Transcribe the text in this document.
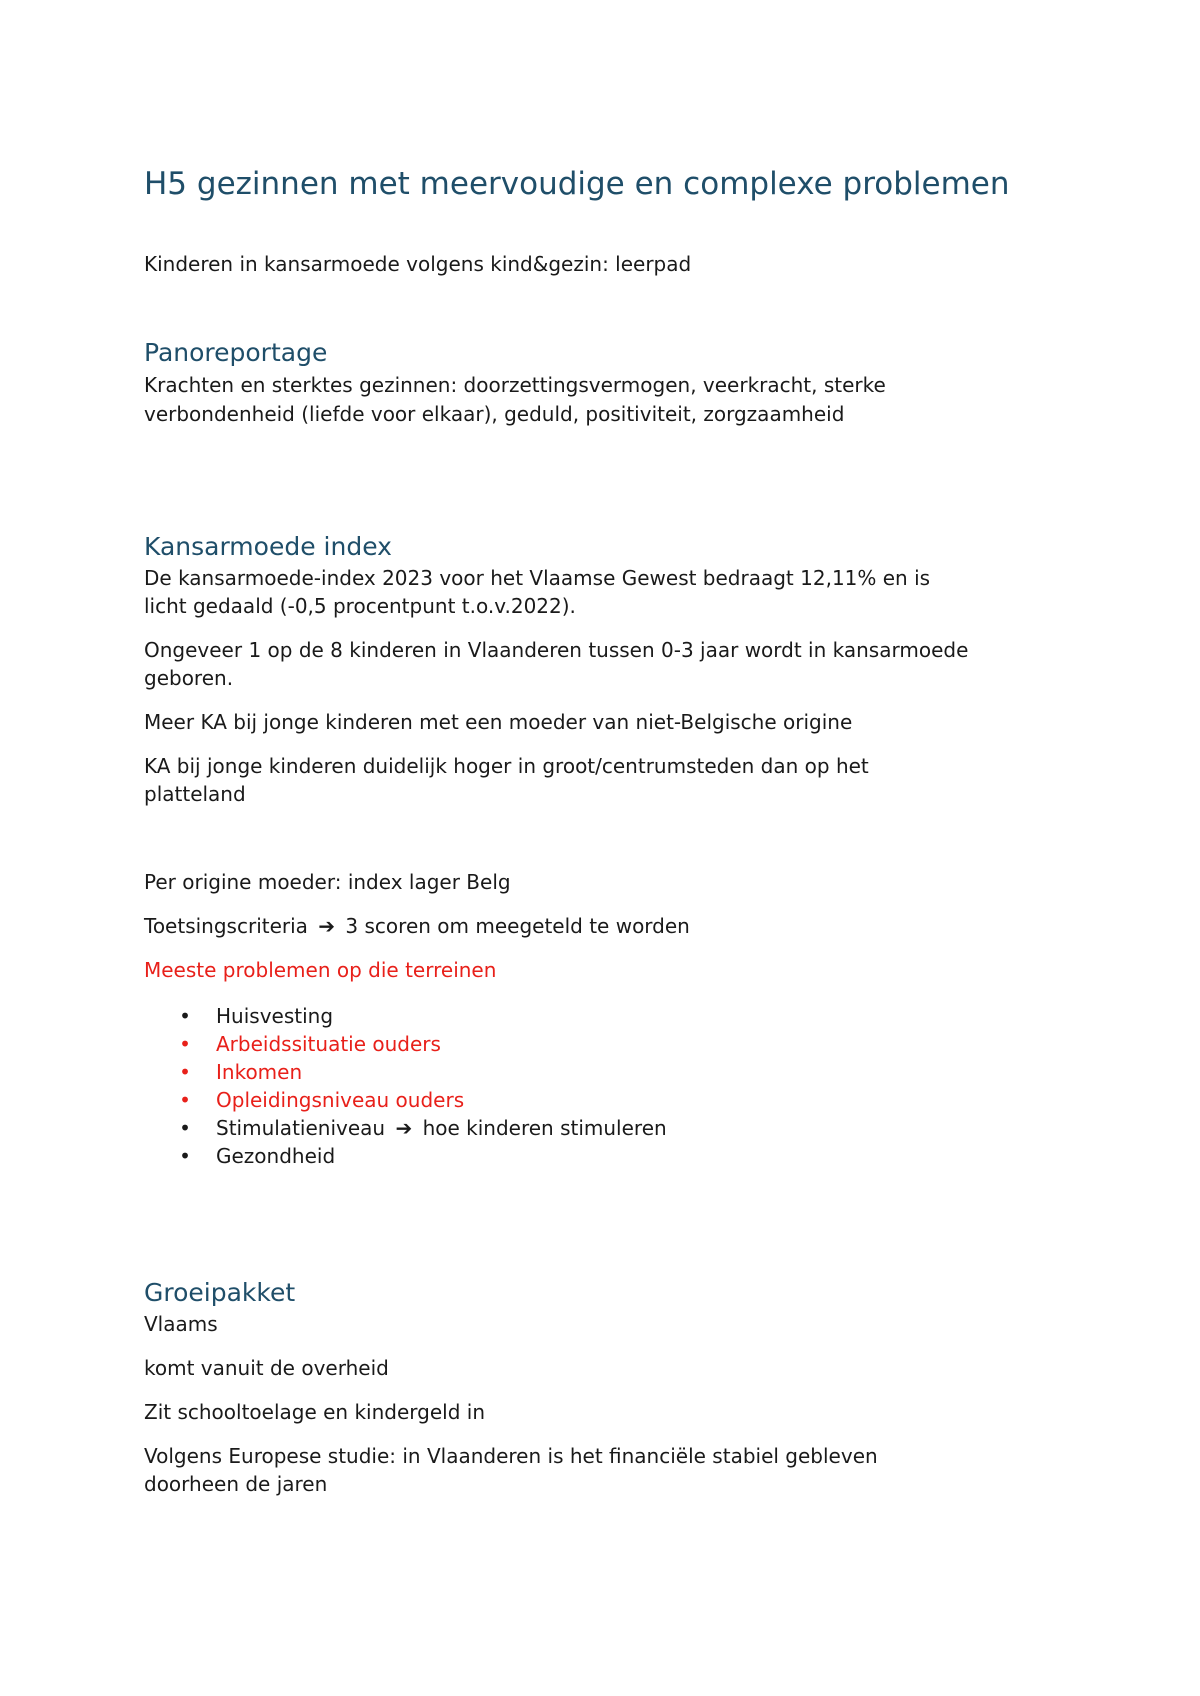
H5 gezinnen met meervoudige en complexe problemen

Kinderen in kansarmoede volgens kind&gezin: leerpad

Panoreportage

Krachten en sterktes gezinnen: doorzettingsvermogen, veerkracht, sterke

verbondenheid (liefde voor elkaar), geduld, positiviteit, zorgzaamheid

Kansarmoede index

De kansarmoede-index 2023 voor het Vlaamse Gewest bedraagt 12,11% en is

licht gedaald (-0,5 procentpunt t.o.v.2022).

Ongeveer 1 op de 8 kinderen in Vlaanderen tussen 0-3 jaar wordt in kansarmoede

geboren.

Meer KA bij jonge kinderen met een moeder van niet-Belgische origine

KA bij jonge kinderen duidelijk hoger in groot/centrumsteden dan op het

platteland

Per origine moeder: index lager Belg

Toetsingscriteria ➔ 3 scoren om meegeteld te worden

Meeste problemen op die terreinen

• Huisvesting

• Arbeidssituatie ouders

• Inkomen

• Opleidingsniveau ouders

• Stimulatieniveau ➔ hoe kinderen stimuleren

• Gezondheid

Groeipakket

Vlaams

komt vanuit de overheid

Zit schooltoelage en kindergeld in

Volgens Europese studie: in Vlaanderen is het financiële stabiel gebleven

doorheen de jaren
